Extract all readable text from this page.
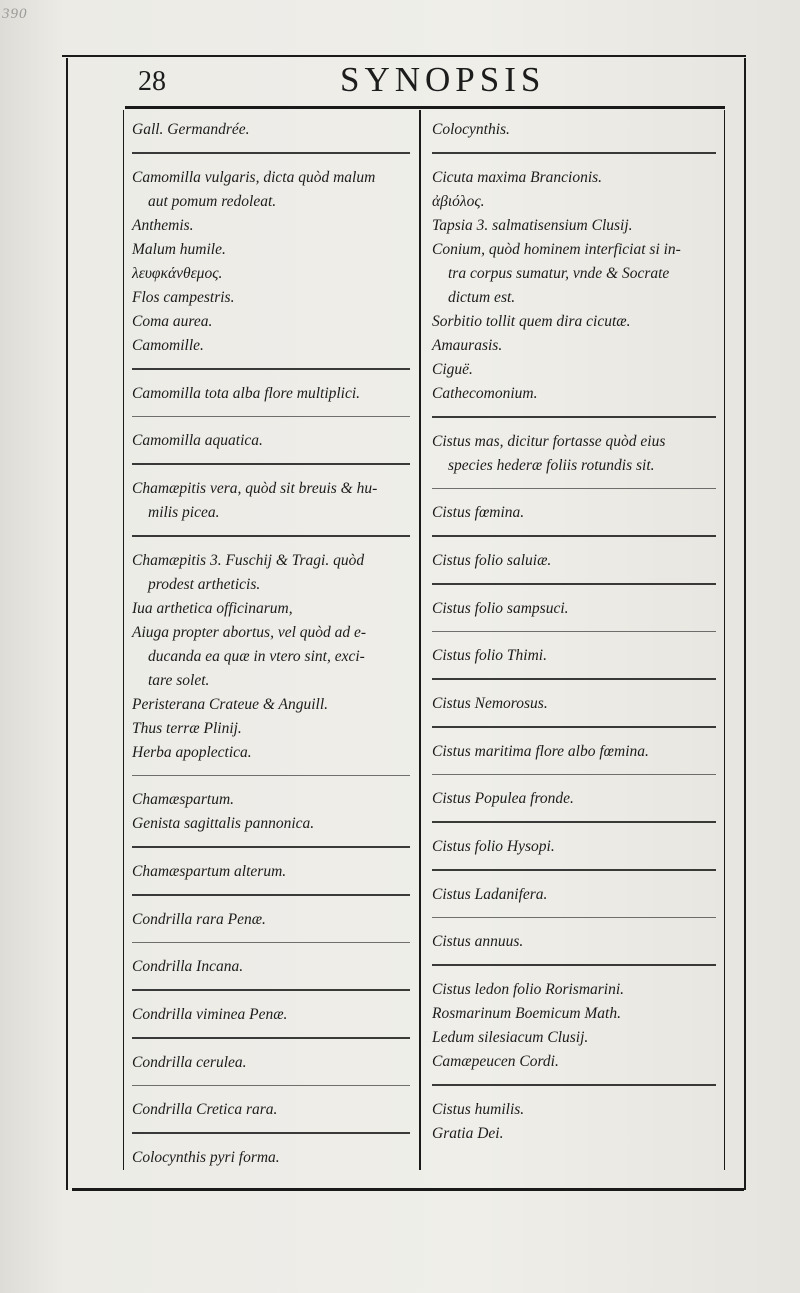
390
28	SYNOPSIS
Gall. Germandrée.
Camomilla vulgaris, dicta quòd malum
aut pomum redoleat.
Anthemis.
Malum humile.
λευφκάνθεμος.
Flos campestris.
Coma aurea.
Camomille.
Camomilla tota alba flore multiplici.
Camomilla aquatica.
Chamæpitis vera, quòd sit breuis & hu-
milis picea.
Chamæpitis 3. Fuschij & Tragi. quòd
prodest artheticis.
Iua arthetica officinarum,
Aiuga propter abortus, vel quòd ad e-
ducanda ea quæ in vtero sint, exci-
tare solet.
Peristerana Crateue & Anguill.
Thus terræ Plinij.
Herba apoplectica.
Chamæspartum.
Genista sagittalis pannonica.
Chamæspartum alterum.
Condrilla rara Penæ.
Condrilla Incana.
Condrilla viminea Penæ.
Condrilla cerulea.
Condrilla Cretica rara.
Colocynthis pyri forma.
Colocynthis.
Cicuta maxima Brancionis.
ἀβιόλος.
Tapsia 3. salmatisensium Clusij.
Conium, quòd hominem interficiat si in-
tra corpus sumatur, vnde & Socrate
dictum est.
Sorbitio tollit quem dira cicutæ.
Amaurasis.
Ciguë.
Cathecomonium.
Cistus mas, dicitur fortasse quòd eius
species hederæ foliis rotundis sit.
Cistus fœmina.
Cistus folio saluiæ.
Cistus folio sampsuci.
Cistus folio Thimi.
Cistus Nemorosus.
Cistus maritima flore albo fœmina.
Cistus Populea fronde.
Cistus folio Hysopi.
Cistus Ladanifera.
Cistus annuus.
Cistus ledon folio Rorismarini.
Rosmarinum Boemicum Math.
Ledum silesiacum Clusij.
Camæpeucen Cordi.
Cistus humilis.
Gratia Dei.
